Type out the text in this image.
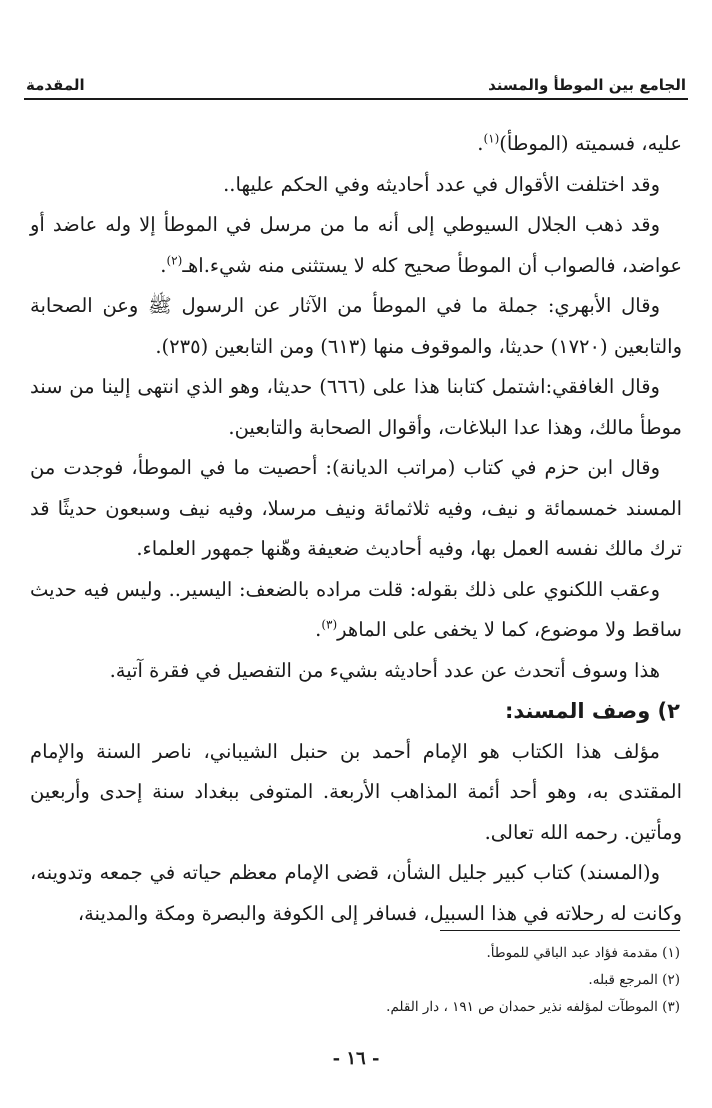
الجامع بين الموطأ والمسند
المقدمة

عليه، فسميته (الموطأ)$^{(١)}$.

وقد اختلفت الأقوال في عدد أحاديثه وفي الحكم عليها..

وقد ذهب الجلال السيوطي إلى أنه ما من مرسل في الموطأ إلا وله عاضد أو عواضد، فالصواب أن الموطأ صحيح كله لا يستثنى منه شيء.اهـ$^{(٢)}$.

وقال الأبهري: جملة ما في الموطأ من الآثار عن الرسول ﷺ وعن الصحابة والتابعين (١٧٢٠) حديثا، والموقوف منها (٦١٣) ومن التابعين (٢٣٥).

وقال الغافقي:اشتمل كتابنا هذا على (٦٦٦) حديثا، وهو الذي انتهى إلينا من سند موطأ مالك، وهذا عدا البلاغات، وأقوال الصحابة والتابعين.

وقال ابن حزم في كتاب (مراتب الديانة): أحصيت ما في الموطأ، فوجدت من المسند خمسمائة و نيف، وفيه ثلاثمائة ونيف مرسلا، وفيه نيف وسبعون حديثًا قد ترك مالك نفسه العمل بها، وفيه أحاديث ضعيفة وهّنها جمهور العلماء.

وعقب اللكنوي على ذلك بقوله: قلت مراده بالضعف: اليسير.. وليس فيه حديث ساقط ولا موضوع، كما لا يخفى على الماهر$^{(٣)}$.

هذا وسوف أتحدث عن عدد أحاديثه بشيء من التفصيل في فقرة آتية.

٢) وصف المسند:

مؤلف هذا الكتاب هو الإمام أحمد بن حنبل الشيباني، ناصر السنة والإمام المقتدى به، وهو أحد أئمة المذاهب الأربعة. المتوفى ببغداد سنة إحدى وأربعين ومأتين. رحمه الله تعالى.

و(المسند) كتاب كبير جليل الشأن، قضى الإمام معظم حياته في جمعه وتدوينه، وكانت له رحلاته في هذا السبيل، فسافر إلى الكوفة والبصرة ومكة والمدينة،

(١) مقدمة فؤاد عبد الباقي للموطأ.
(٢) المرجع قبله.
(٣) الموطآت لمؤلفه نذير حمدان ص ١٩١ ، دار القلم.
- ١٦ -
